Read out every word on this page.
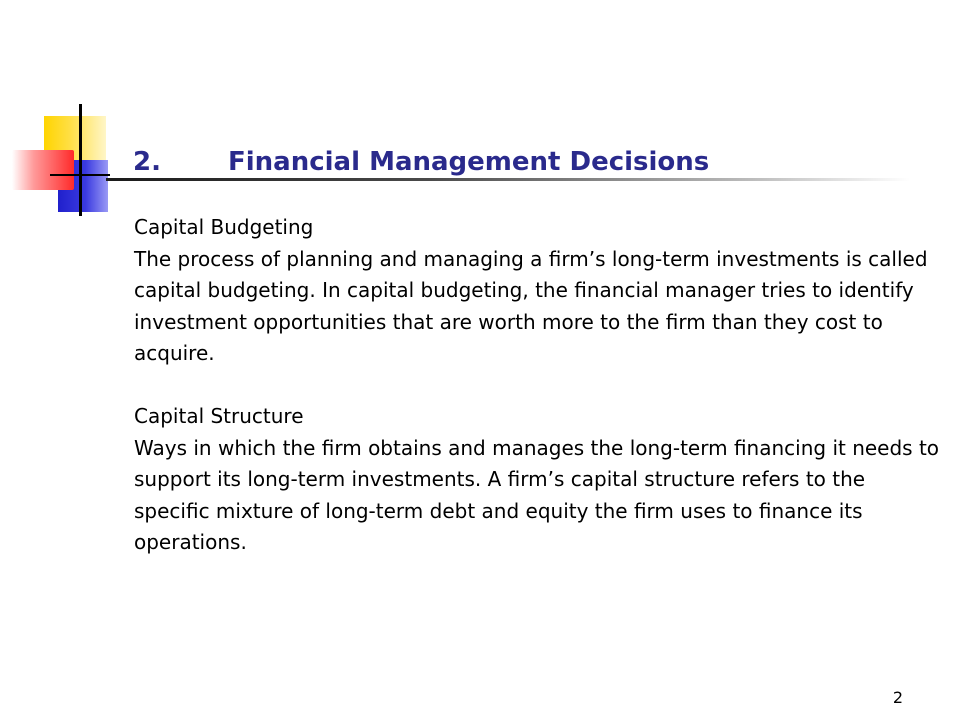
2.	Financial Management Decisions

Capital Budgeting

The process of planning and managing a firm’s long-term investments is called capital budgeting. In capital budgeting, the financial manager tries to identify investment opportunities that are worth more to the firm than they cost to acquire.

Capital Structure

Ways in which the firm obtains and manages the long-term financing it needs to support its long-term investments. A firm’s capital structure refers to the specific mixture of long-term debt and equity the firm uses to finance its operations.

2
